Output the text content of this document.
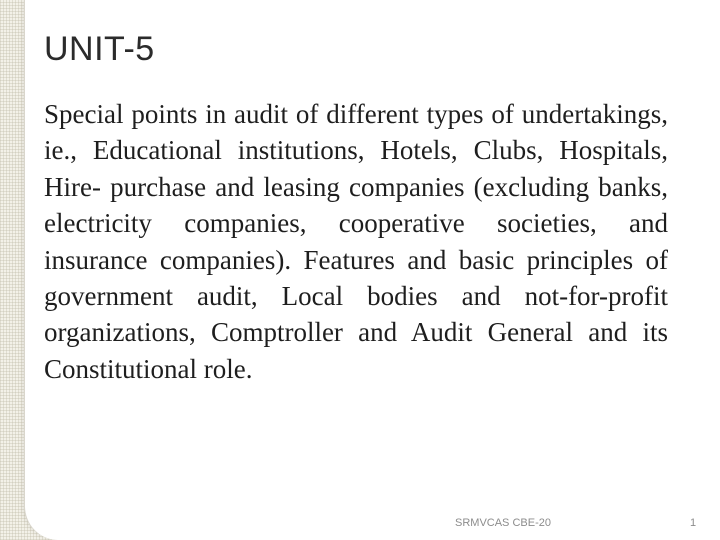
UNIT-5

Special points in audit of different types of undertakings, ie., Educational institutions, Hotels, Clubs, Hospitals, Hire- purchase and leasing companies (excluding banks, electricity companies, cooperative societies, and insurance companies). Features and basic principles of government audit, Local bodies and not-for-profit organizations, Comptroller and Audit General and its Constitutional role.

SRMVCAS CBE-20	1
